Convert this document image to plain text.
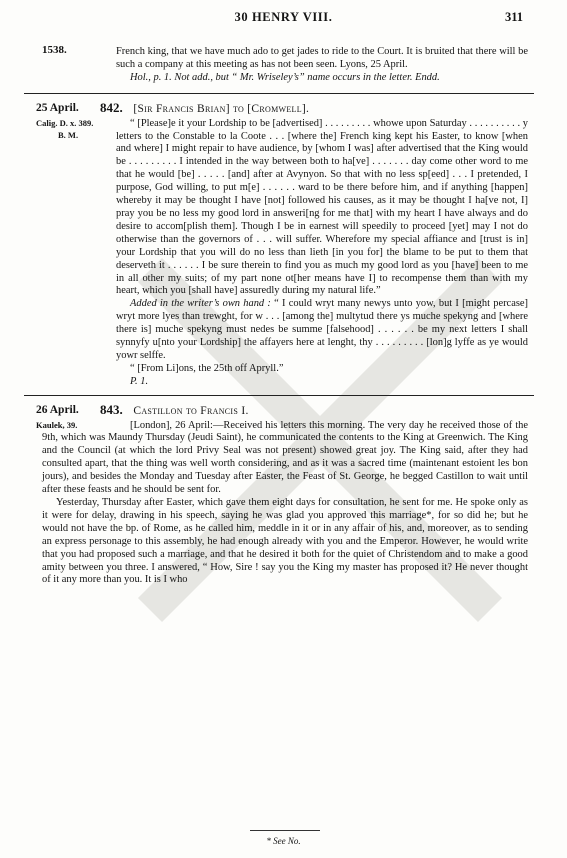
30 HENRY VIII.	311
1538.	French king, that we have much ado to get jades to ride to the Court. It is bruited that there will be such a company at this meeting as has not been seen. Lyons, 25 April.

Hol., p. 1. Not add., but “ Mr. Wriseley’s” name occurs in the letter. Endd.

25 April.
Calig. D. x. 389.
B. M.
842. [Sir Francis Brian] to [Cromwell].

“ [Please]e it your Lordship to be [advertised] . . . . . . . . . whowe upon Saturday . . . . . . . . . . y letters to the Constable to la Coote . . . [where the] French king kept his Easter, to know [when and where] I might repair to have audience, by [whom I was] after advertised that the King would be . . . . . . . . . I intended in the way between both to ha[ve] . . . . . . . day come other word to me that he would [be] . . . . . [and] after at Avynyon. So that with no less sp[eed] . . . I pretended, I purpose, God willing, to put m[e] . . . . . . ward to be there before him, and if anything [happen] whereby it may be thought I have [not] followed his causes, as it may be thought I ha[ve not, I] pray you be no less my good lord in answeri[ng for me that] with my heart I have always and do desire to accom[plish them]. Though I be in earnest will speedily to proceed [yet] may I not do otherwise than the governors of . . . will suffer. Wherefore my special affiance and [trust is in] your Lordship that you will do no less than lieth [in you for] the blame to be put to them that deserveth it . . . . . . I be sure therein to find you as much my good lord as you [have] been to me in all other my suits; of my part none ot[her means have I] to recompense them than with my heart, which you [shall have] assuredly during my natural life.”

Added in the writer’s own hand : “ I could wryt many newys unto yow, but I [might percase] wryt more lyes than trewght, for w . . . [among the] multytud there ys muche spekyng and [where there is] muche spekyng must nedes be summe [falsehood] . . . . . . be my next letters I shall synnyfy u[nto your Lordship] the affayers here at lenght, thy . . . . . . . . . [lon]g lyffe as ye would yowr selffe.

“ [From Li]ons, the 25th off Apryll.”

P. 1.

26 April.
Kaulek, 39.
843. Castillon to Francis I.

[London], 26 April:—Received his letters this morning. The very day he received those of the 9th, which was Maundy Thursday (Jeudi Saint), he communicated the contents to the King at Greenwich. The King and the Council (at which the lord Privy Seal was not present) showed great joy. The King said, after they had consulted apart, that the thing was well worth considering, and as it was a sacred time (maintenant estoient les bon jours), and besides the Monday and Tuesday after Easter, the Feast of St. George, he begged Castillon to wait until after these feasts and he should be sent for.

Yesterday, Thursday after Easter, which gave them eight days for consultation, he sent for me. He spoke only as it were for delay, drawing in his speech, saying he was glad you approved this marriage*, for so did he; but he would not have the bp. of Rome, as he called him, meddle in it or in any affair of his, and, moreover, as to sending an express personage to this assembly, he had enough already with you and the Emperor. However, he would write that you had proposed such a marriage, and that he desired it both for the quiet of Christendom and to make a good amity between you three. I answered, “ How, Sire ! say you the King my master has proposed it? He never thought of it any more than you. It is I who

* See No.
